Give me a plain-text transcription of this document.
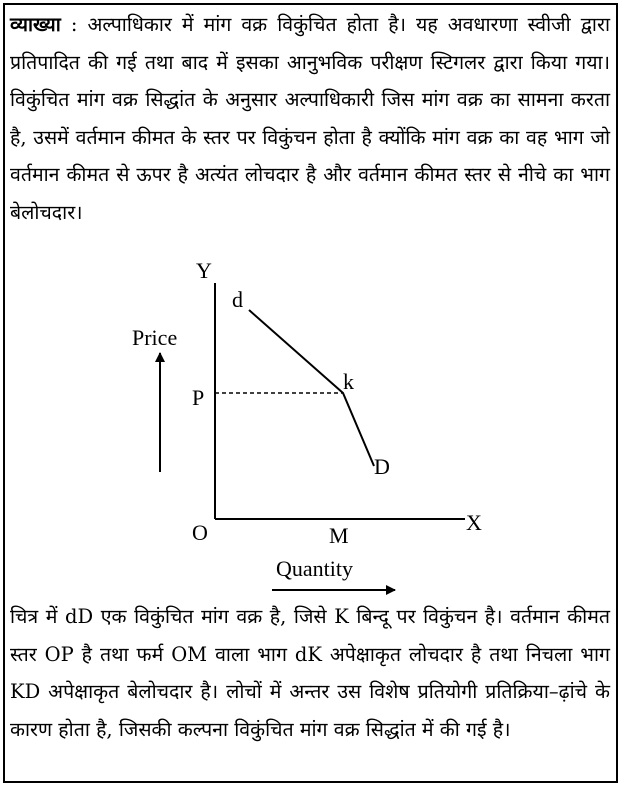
व्याख्या : अल्पाधिकार में मांग वक्र विकुंचित होता है। यह अवधारणा स्वीजी द्वारा प्रतिपादित की गई तथा बाद में इसका आनुभविक परीक्षण स्टिगलर द्वारा किया गया। विकुंचित मांग वक्र सिद्धांत के अनुसार अल्पाधिकारी जिस मांग वक्र का सामना करता है, उसमें वर्तमान कीमत के स्तर पर विकुंचन होता है क्योंकि मांग वक्र का वह भाग जो वर्तमान कीमत से ऊपर है अत्यंत लोचदार है और वर्तमान कीमत स्तर से नीचे का भाग बेलोचदार।
Y
X
O
Price
Quantity
P
M
d
k
D
चित्र में dD एक विकुंचित मांग वक्र है, जिसे K बिन्दू पर विकुंचन है। वर्तमान कीमत स्तर OP है तथा फर्म OM वाला भाग dK अपेक्षाकृत लोचदार है तथा निचला भाग KD अपेक्षाकृत बेलोचदार है। लोचों में अन्तर उस विशेष प्रतियोगी प्रतिक्रिया–ढ़ांचे के कारण होता है, जिसकी कल्पना विकुंचित मांग वक्र सिद्धांत में की गई है।
